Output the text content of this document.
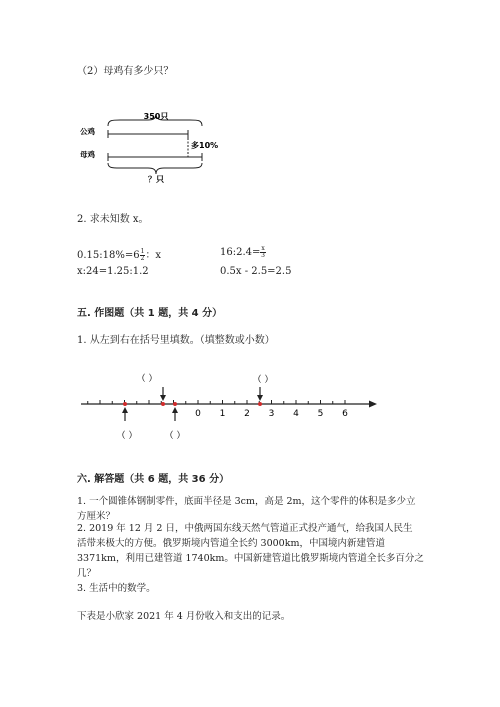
（2）母鸡有多少只？
350只
公鸡
母鸡
多10%
？只
2. 求未知数 x。
0.15:18%=6 $\frac{1}{2}$ ：x	16:2.4= $\frac{x}{3}$
x:24=1.25:1.2	0.5x - 2.5=2.5
五. 作图题（共 1 题，共 4 分）
1. 从左到右在括号里填数。（填整数或小数）
（ ）	（ ）
0 1 2 3 4 5 6
（ ）	（ ）
六. 解答题（共 6 题，共 36 分）
1. 一个圆锥体钢制零件，底面半径是 3cm，高是 2m，这个零件的体积是多少立
方厘米？
2. 2019 年 12 月 2 日，中俄两国东线天然气管道正式投产通气，给我国人民生
活带来极大的方便。俄罗斯境内管道全长约 3000km，中国境内新建管道
3371km，利用已建管道 1740km。中国新建管道比俄罗斯境内管道全长多百分之
几？
3. 生活中的数学。
下表是小欣家 2021 年 4 月份收入和支出的记录。
